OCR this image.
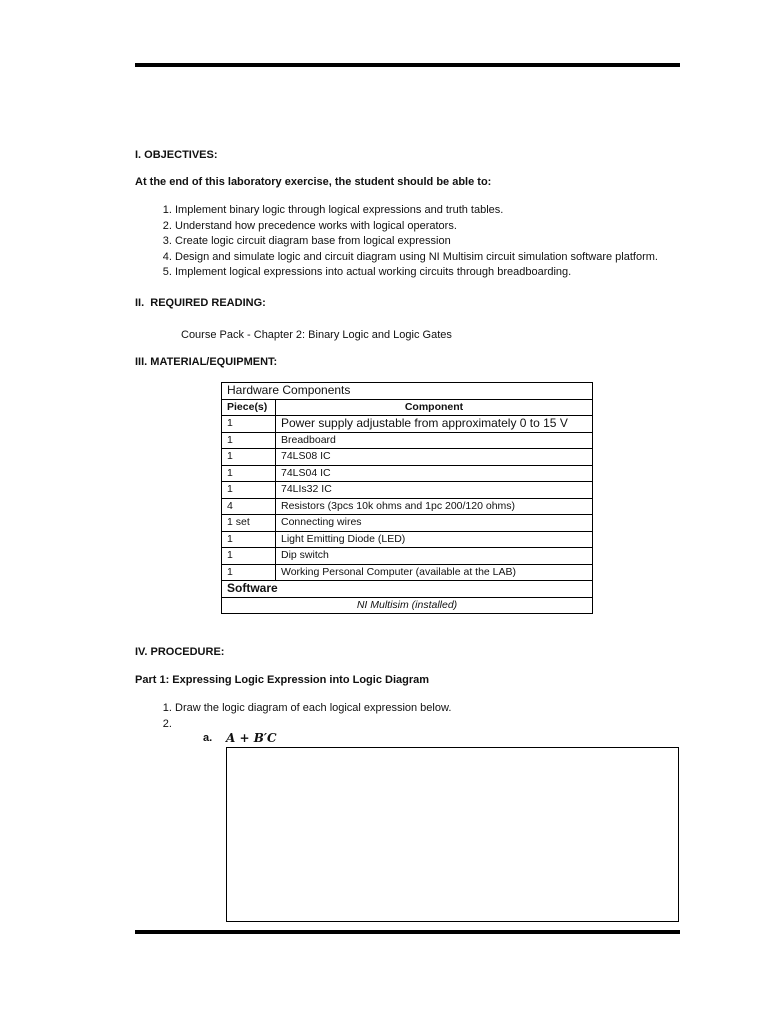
I. OBJECTIVES:
At the end of this laboratory exercise, the student should be able to:
1. Implement binary logic through logical expressions and truth tables.
2. Understand how precedence works with logical operators.
3. Create logic circuit diagram base from logical expression
4. Design and simulate logic and circuit diagram using NI Multisim circuit simulation software platform.
5. Implement logical expressions into actual working circuits through breadboarding.
II.  REQUIRED READING:
Course Pack - Chapter 2: Binary Logic and Logic Gates
III. MATERIAL/EQUIPMENT:
Hardware Components	
Piece(s)	Component
1	Power supply adjustable from approximately 0 to 15 V
1	Breadboard
1	74LS08 IC
1	74LS04 IC
1	74LIs32 IC
4	Resistors (3pcs 10k ohms and 1pc 200/120 ohms)
1 set	Connecting wires
1	Light Emitting Diode (LED)
1	Dip switch
1	Working Personal Computer (available at the LAB)
Software	
NI Multisim (installed)	
IV. PROCEDURE:
Part 1: Expressing Logic Expression into Logic Diagram
1. Draw the logic diagram of each logical expression below.
2.
a. A + B′C
